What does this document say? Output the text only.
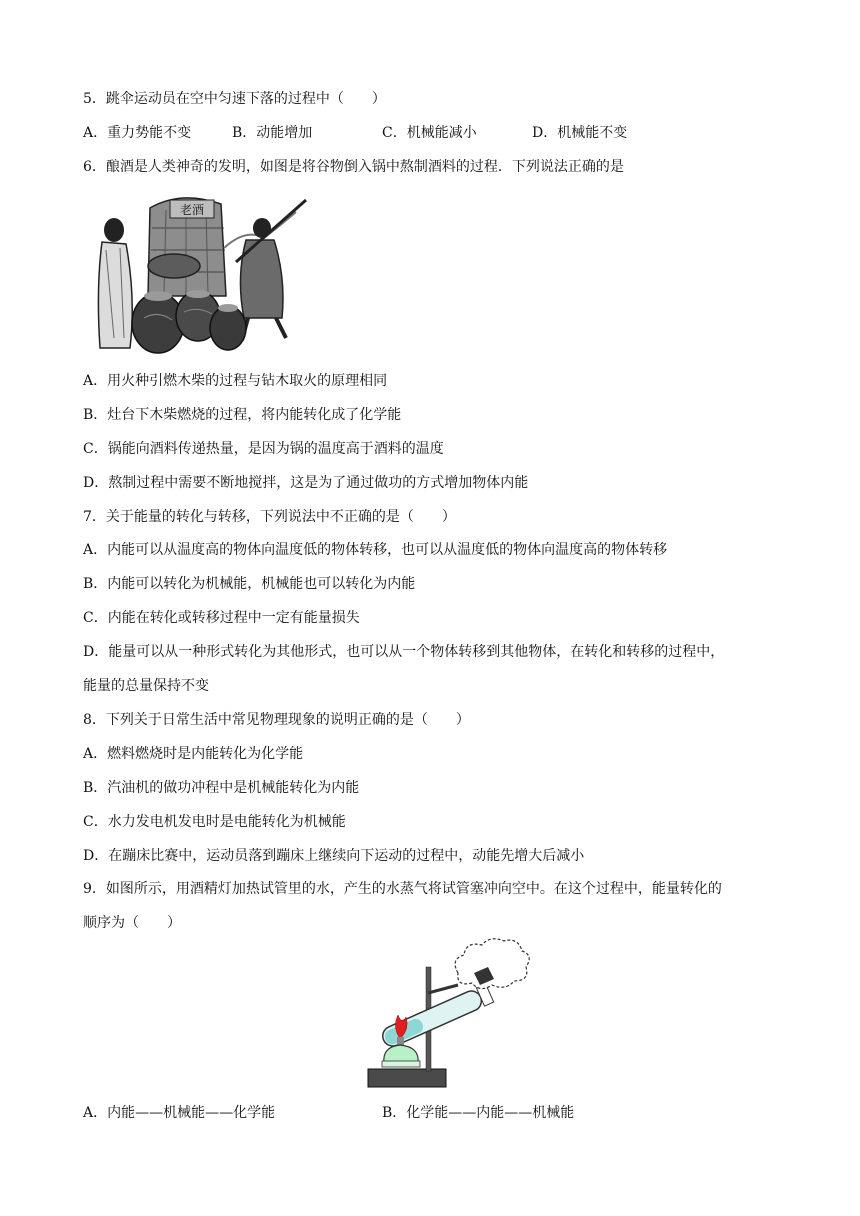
5．跳伞运动员在空中匀速下落的过程中（　　）
A．重力势能不变	B．动能增加	C．机械能减小	D．机械能不变
6．酿酒是人类神奇的发明，如图是将谷物倒入锅中熬制酒料的过程．下列说法正确的是
老酒
A．用火种引燃木柴的过程与钻木取火的原理相同
B．灶台下木柴燃烧的过程，将内能转化成了化学能
C．锅能向酒料传递热量，是因为锅的温度高于酒料的温度
D．熬制过程中需要不断地搅拌，这是为了通过做功的方式增加物体内能
7．关于能量的转化与转移，下列说法中不正确的是（　　）
A．内能可以从温度高的物体向温度低的物体转移，也可以从温度低的物体向温度高的物体转移
B．内能可以转化为机械能，机械能也可以转化为内能
C．内能在转化或转移过程中一定有能量损失
D．能量可以从一种形式转化为其他形式，也可以从一个物体转移到其他物体，在转化和转移的过程中，
能量的总量保持不变
8．下列关于日常生活中常见物理现象的说明正确的是（　　）
A．燃料燃烧时是内能转化为化学能
B．汽油机的做功冲程中是机械能转化为内能
C．水力发电机发电时是电能转化为机械能
D．在蹦床比赛中，运动员落到蹦床上继续向下运动的过程中，动能先增大后减小
9．如图所示，用酒精灯加热试管里的水，产生的水蒸气将试管塞冲向空中。在这个过程中，能量转化的
顺序为（　　）
A．内能——机械能——化学能	B．化学能——内能——机械能
